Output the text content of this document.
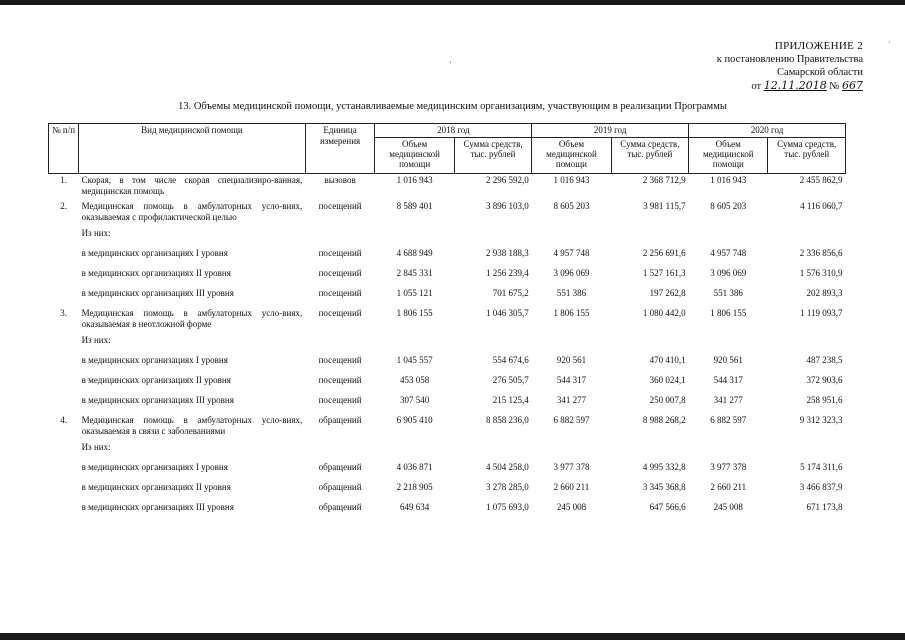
ПРИЛОЖЕНИЕ 2
к постановлению Правительства
Самарской области
от 12.11.2018 № 667
'
·
13. Объемы медицинской помощи, устанавливаемые медицинским организациям, участвующим в реализации Программы
№ п/п	Вид медицинской помощи	Единица измерения	2018 год		2019 год		2020 год	
			Объем медицинской помощи	Сумма средств, тыс. рублей	Объем медицинской помощи	Сумма средств, тыс. рублей	Объем медицинской помощи	Сумма средств, тыс. рублей
1.	Скорая, в том числе скорая специализиро-ванная, медицинская помощь	вызовов	1 016 943	2 296 592,0	1 016 943	2 368 712,9	1 016 943	2 455 862,9
2.	Медицинская помощь в амбулаторных усло-виях, оказываемая с профилактической целью	посещений	8 589 401	3 896 103,0	8 605 203	3 981 115,7	8 605 203	4 116 060,7
	Из них:							
	в медицинских организациях I уровня	посещений	4 688 949	2 938 188,3	4 957 748	2 256 691,6	4 957 748	2 336 856,6
	в медицинских организациях II уровня	посещений	2 845 331	1 256 239,4	3 096 069	1 527 161,3	3 096 069	1 576 310,9
	в медицинских организациях III уровня	посещений	1 055 121	701 675,2	551 386	197 262,8	551 386	202 893,3
3.	Медицинская помощь в амбулаторных усло-виях, оказываемая в неотложной форме	посещений	1 806 155	1 046 305,7	1 806 155	1 080 442,0	1 806 155	1 119 093,7
	Из них:							
	в медицинских организациях I уровня	посещений	1 045 557	554 674,6	920 561	470 410,1	920 561	487 238,5
	в медицинских организациях II уровня	посещений	453 058	276 505,7	544 317	360 024,1	544 317	372 903,6
	в медицинских организациях III уровня	посещений	307 540	215 125,4	341 277	250 007,8	341 277	258 951,6
4.	Медицинская помощь в амбулаторных усло-виях, оказываемая в связи с заболеваниями	обращений	6 905 410	8 858 236,0	6 882 597	8 988 268,2	6 882 597	9 312 323,3
	Из них:							
	в медицинских организациях I уровня	обращений	4 036 871	4 504 258,0	3 977 378	4 995 332,8	3 977 378	5 174 311,6
	в медицинских организациях II уровня	обращений	2 218 905	3 278 285,0	2 660 211	3 345 368,8	2 660 211	3 466 837,9
	в медицинских организациях III уровня	обращений	649 634	1 075 693,0	245 008	647 566,6	245 008	671 173,8
